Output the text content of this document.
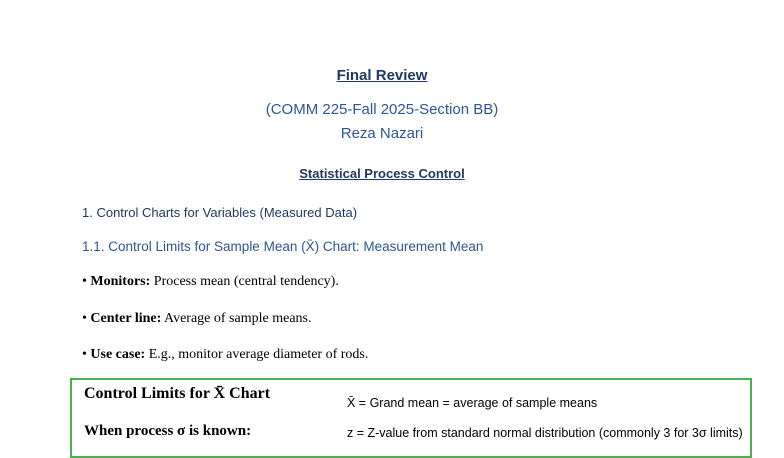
Final Review
(COMM 225-Fall 2025-Section BB)
Reza Nazari
Statistical Process Control
1. Control Charts for Variables (Measured Data)
1.1. Control Limits for Sample Mean (X̄) Chart: Measurement Mean
• Monitors: Process mean (central tendency).
• Center line: Average of sample means.
• Use case: E.g., monitor average diameter of rods.
Control Limits for X̄ Chart
When process σ is known:
X̄ = Grand mean = average of sample means
z = Z-value from standard normal distribution (commonly 3 for 3σ limits)
